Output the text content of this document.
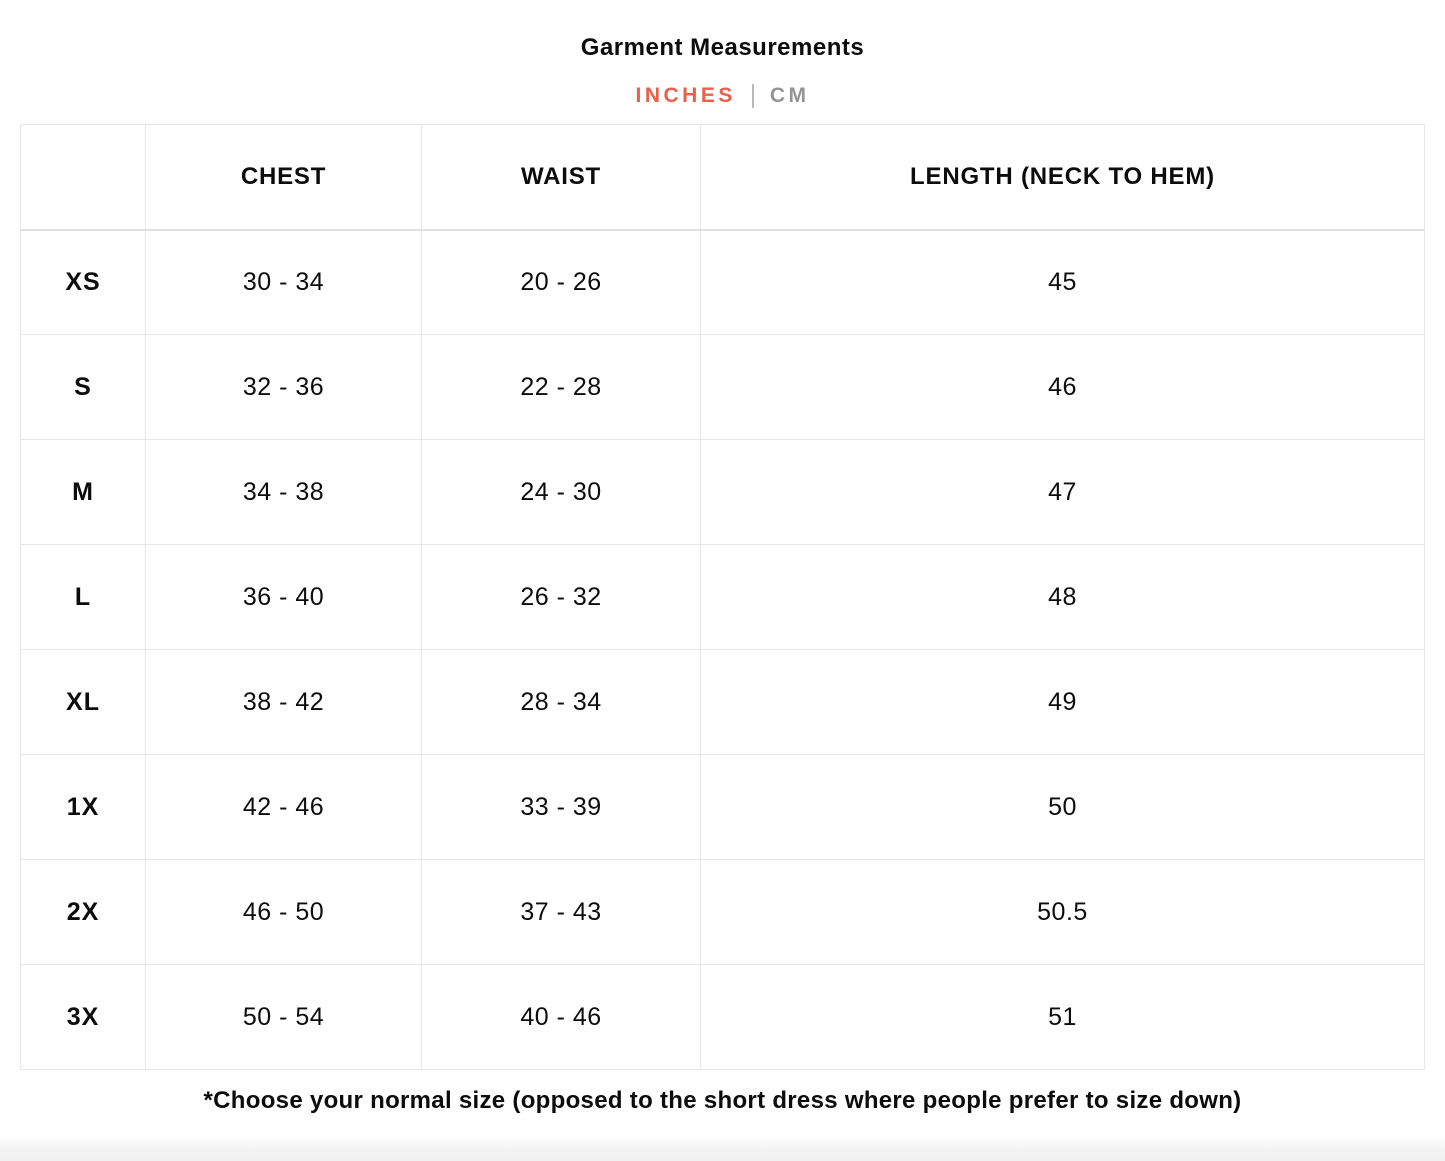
Garment Measurements
INCHES CM
	CHEST	WAIST	LENGTH (NECK TO HEM)
XS	30 - 34	20 - 26	45
S	32 - 36	22 - 28	46
M	34 - 38	24 - 30	47
L	36 - 40	26 - 32	48
XL	38 - 42	28 - 34	49
1X	42 - 46	33 - 39	50
2X	46 - 50	37 - 43	50.5
3X	50 - 54	40 - 46	51
*Choose your normal size (opposed to the short dress where people prefer to size down)
